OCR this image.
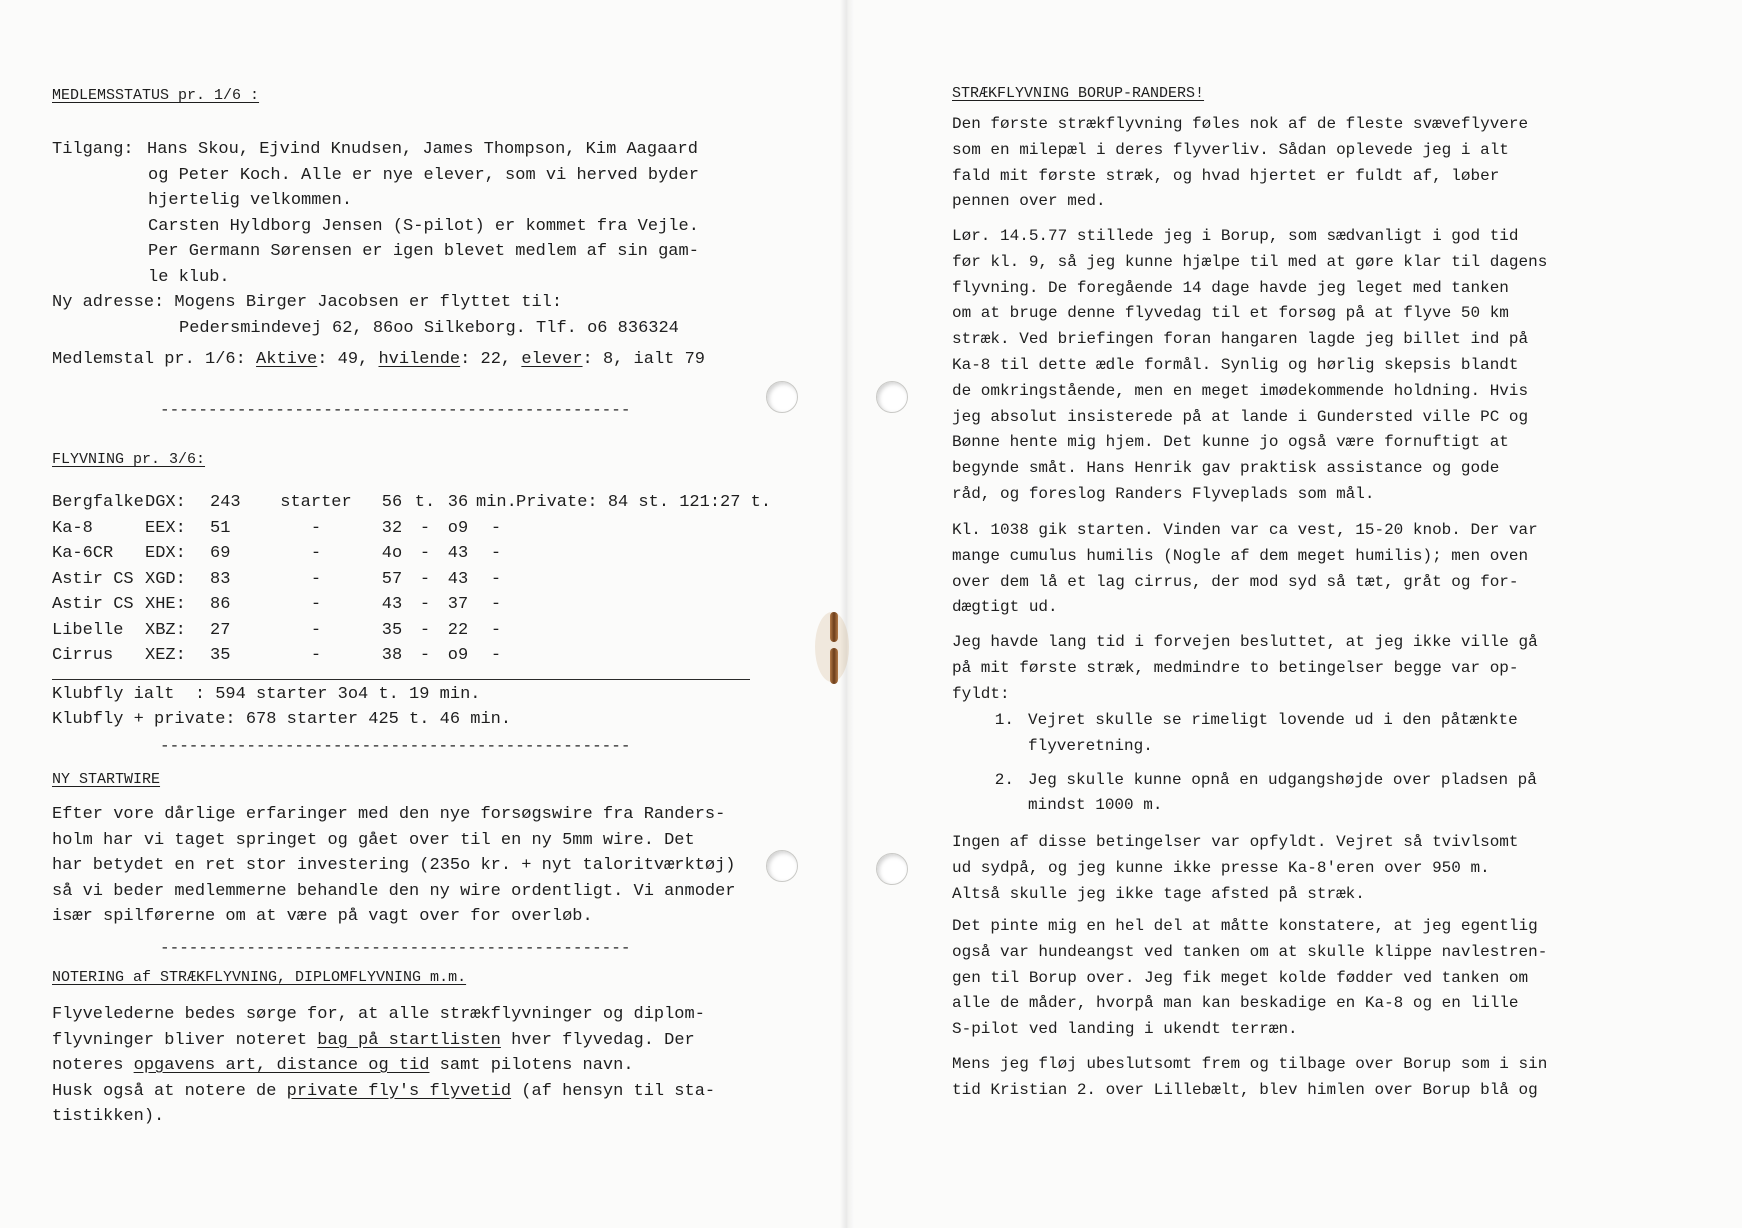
MEDLEMSSTATUS pr. 1/6 :
Tilgang: Hans Skou, Ejvind Knudsen, James Thompson, Kim Aagaard
og Peter Koch. Alle er nye elever, som vi herved byder
hjertelig velkommen.
Carsten Hyldborg Jensen (S-pilot) er kommet fra Vejle.
Per Germann Sørensen er igen blevet medlem af sin gam-
le klub.
Ny adresse: Mogens Birger Jacobsen er flyttet til:
Pedersmindevej 62, 86oo Silkeborg. Tlf. o6 836324
Medlemstal pr. 1/6: Aktive: 49, hvilende: 22, elever: 8, ialt 79
-------------------------------------------------
FLYVNING pr. 3/6:
Bergfalke DGX:	243	starter	56 t. 36 min. Private: 84 st. 121:27 t.
Ka-8	EEX:	51	-	32	-	o9	-
Ka-6CR	EDX:	69	-	4o	-	43	-
Astir CS XGD:	83	-	57	-	43	-
Astir CS XHE:	86	-	43	-	37	-
Libelle	XBZ:	27	-	35	-	22	-
Cirrus	XEZ:	35	-	38	-	o9	-
Klubfly ialt  : 594 starter 3o4 t. 19 min.
Klubfly + private: 678 starter 425 t. 46 min.
-------------------------------------------------
NY STARTWIRE
Efter vore dårlige erfaringer med den nye forsøgswire fra Randers-
holm har vi taget springet og gået over til en ny 5mm wire. Det
har betydet en ret stor investering (235o kr. + nyt taloritværktøj)
så vi beder medlemmerne behandle den ny wire ordentligt. Vi anmoder
især spilførerne om at være på vagt over for overløb.
-------------------------------------------------
NOTERING af STRÆKFLYVNING, DIPLOMFLYVNING m.m.
Flyvelederne bedes sørge for, at alle strækflyvninger og diplom-
flyvninger bliver noteret bag på startlisten hver flyvedag. Der
noteres opgavens art, distance og tid samt pilotens navn.
Husk også at notere de private fly's flyvetid (af hensyn til sta-
tistikken).
STRÆKFLYVNING BORUP-RANDERS!
Den første strækflyvning føles nok af de fleste svæveflyvere
som en milepæl i deres flyverliv. Sådan oplevede jeg i alt
fald mit første stræk, og hvad hjertet er fuldt af, løber
pennen over med.
Lør. 14.5.77 stillede jeg i Borup, som sædvanligt i god tid
før kl. 9, så jeg kunne hjælpe til med at gøre klar til dagens
flyvning. De foregående 14 dage havde jeg leget med tanken
om at bruge denne flyvedag til et forsøg på at flyve 50 km
stræk. Ved briefingen foran hangaren lagde jeg billet ind på
Ka-8 til dette ædle formål. Synlig og hørlig skepsis blandt
de omkringstående, men en meget imødekommende holdning. Hvis
jeg absolut insisterede på at lande i Gundersted ville PC og
Bønne hente mig hjem. Det kunne jo også være fornuftigt at
begynde småt. Hans Henrik gav praktisk assistance og gode
råd, og foreslog Randers Flyveplads som mål.
Kl. 1038 gik starten. Vinden var ca vest, 15-20 knob. Der var
mange cumulus humilis (Nogle af dem meget humilis); men oven
over dem lå et lag cirrus, der mod syd så tæt, gråt og for-
dægtigt ud.
Jeg havde lang tid i forvejen besluttet, at jeg ikke ville gå
på mit første stræk, medmindre to betingelser begge var op-
fyldt:
1. Vejret skulle se rimeligt lovende ud i den påtænkte
flyveretning.
2. Jeg skulle kunne opnå en udgangshøjde over pladsen på
mindst 1000 m.
Ingen af disse betingelser var opfyldt. Vejret så tvivlsomt
ud sydpå, og jeg kunne ikke presse Ka-8'eren over 950 m.
Altså skulle jeg ikke tage afsted på stræk.
Det pinte mig en hel del at måtte konstatere, at jeg egentlig
også var hundeangst ved tanken om at skulle klippe navlestren-
gen til Borup over. Jeg fik meget kolde fødder ved tanken om
alle de måder, hvorpå man kan beskadige en Ka-8 og en lille
S-pilot ved landing i ukendt terræn.
Mens jeg fløj ubeslutsomt frem og tilbage over Borup som i sin
tid Kristian 2. over Lillebælt, blev himlen over Borup blå og
